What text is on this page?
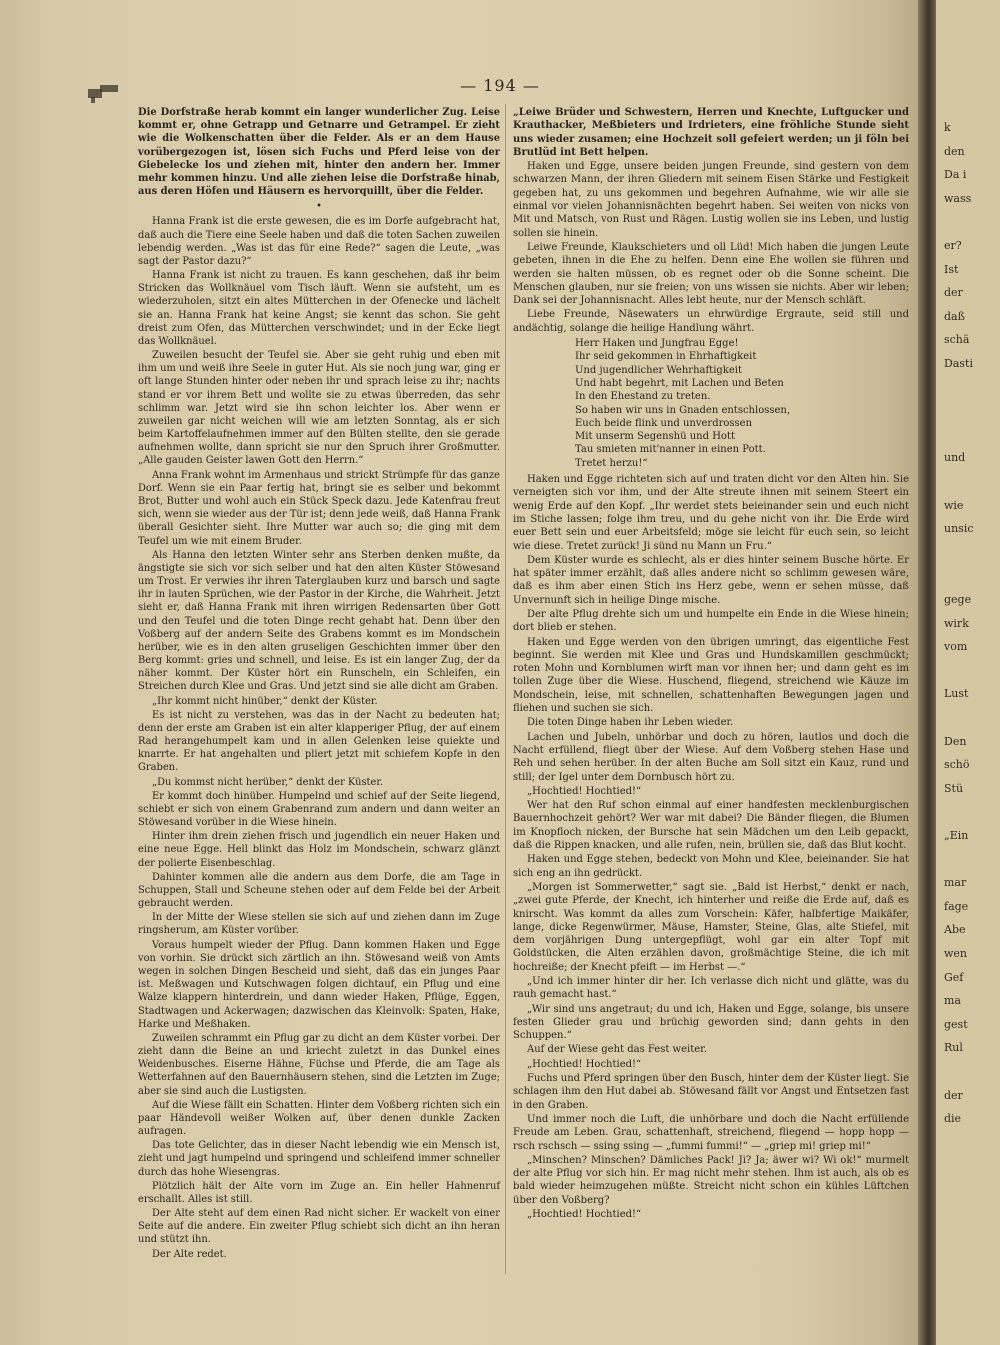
— 194 —

Die Dorfstraße herab kommt ein langer wunderlicher Zug. Leise kommt er, ohne Getrapp und Getnarre und Getrampel. Er zieht wie die Wolkenschatten über die Felder. Als er an dem Hause vorübergezogen ist, lösen sich Fuchs und Pferd leise von der Giebelecke los und ziehen mit, hinter den andern her. Immer mehr kommen hinzu. Und alle ziehen leise die Dorfstraße hinab, aus deren Höfen und Häusern es hervorquillt, über die Felder.

•

Hanna Frank ist die erste gewesen, die es im Dorfe aufgebracht hat, daß auch die Tiere eine Seele haben und daß die toten Sachen zuweilen lebendig werden. „Was ist das für eine Rede?“ sagen die Leute, „was sagt der Pastor dazu?“

Hanna Frank ist nicht zu trauen. Es kann geschehen, daß ihr beim Stricken das Wollknäuel vom Tisch läuft. Wenn sie aufsteht, um es wiederzuholen, sitzt ein altes Mütterchen in der Ofenecke und lächelt sie an. Hanna Frank hat keine Angst; sie kennt das schon. Sie geht dreist zum Ofen, das Mütterchen verschwindet; und in der Ecke liegt das Wollknäuel.

Zuweilen besucht der Teufel sie. Aber sie geht ruhig und eben mit ihm um und weiß ihre Seele in guter Hut. Als sie noch jung war, ging er oft lange Stunden hinter oder neben ihr und sprach leise zu ihr; nachts stand er vor ihrem Bett und wollte sie zu etwas überreden, das sehr schlimm war. Jetzt wird sie ihn schon leichter los. Aber wenn er zuweilen gar nicht weichen will wie am letzten Sonntag, als er sich beim Kartoffelaufnehmen immer auf den Bülten stellte, den sie gerade aufnehmen wollte, dann spricht sie nur den Spruch ihrer Großmutter. „Alle gauden Geister lawen Gott den Herrn.“

Anna Frank wohnt im Armenhaus und strickt Strümpfe für das ganze Dorf. Wenn sie ein Paar fertig hat, bringt sie es selber und bekommt Brot, Butter und wohl auch ein Stück Speck dazu. Jede Katenfrau freut sich, wenn sie wieder aus der Tür ist; denn jede weiß, daß Hanna Frank überall Gesichter sieht. Ihre Mutter war auch so; die ging mit dem Teufel um wie mit einem Bruder.

Als Hanna den letzten Winter sehr ans Sterben denken mußte, da ängstigte sie sich vor sich selber und hat den alten Küster Stöwesand um Trost. Er verwies ihr ihren Taterglauben kurz und barsch und sagte ihr in lauten Sprüchen, wie der Pastor in der Kirche, die Wahrheit. Jetzt sieht er, daß Hanna Frank mit ihren wirrigen Redensarten über Gott und den Teufel und die toten Dinge recht gehabt hat. Denn über den Voßberg auf der andern Seite des Grabens kommt es im Mondschein herüber, wie es in den alten gruseligen Geschichten immer über den Berg kommt: gries und schnell, und leise. Es ist ein langer Zug, der da näher kommt. Der Küster hört ein Runscheln, ein Schleifen, ein Streichen durch Klee und Gras. Und jetzt sind sie alle dicht am Graben.

„Ihr kommt nicht hinüber,“ denkt der Küster.

Es ist nicht zu verstehen, was das in der Nacht zu bedeuten hat; denn der erste am Graben ist ein alter klapperiger Pflug, der auf einem Rad herangehumpelt kam und in allen Gelenken leise quiekte und knarrte. Er hat angehalten und pliert jetzt mit schiefem Kopfe in den Graben.

„Du kommst nicht herüber,“ denkt der Küster.

Er kommt doch hinüber. Humpelnd und schief auf der Seite liegend, schiebt er sich von einem Grabenrand zum andern und dann weiter an Stöwesand vorüber in die Wiese hinein.

Hinter ihm drein ziehen frisch und jugendlich ein neuer Haken und eine neue Egge. Hell blinkt das Holz im Mondschein, schwarz glänzt der polierte Eisenbeschlag.

Dahinter kommen alle die andern aus dem Dorfe, die am Tage in Schuppen, Stall und Scheune stehen oder auf dem Felde bei der Arbeit gebraucht werden.

In der Mitte der Wiese stellen sie sich auf und ziehen dann im Zuge ringsherum, am Küster vorüber.

Voraus humpelt wieder der Pflug. Dann kommen Haken und Egge von vorhin. Sie drückt sich zärtlich an ihn. Stöwesand weiß von Amts wegen in solchen Dingen Bescheid und sieht, daß das ein junges Paar ist. Meßwagen und Kutschwagen folgen dichtauf, ein Pflug und eine Walze klappern hinterdrein, und dann wieder Haken, Pflüge, Eggen, Stadtwagen und Ackerwagen; dazwischen das Kleinvolk: Spaten, Hake, Harke und Meßhaken.

Zuweilen schrammt ein Pflug gar zu dicht an dem Küster vorbei. Der zieht dann die Beine an und kriecht zuletzt in das Dunkel eines Weidenbusches. Eiserne Hähne, Füchse und Pferde, die am Tage als Wetterfahnen auf den Bauernhäusern stehen, sind die Letzten im Zuge; aber sie sind auch die Lustigsten.

Auf die Wiese fällt ein Schatten. Hinter dem Voßberg richten sich ein paar Händevoll weißer Wolken auf, über denen dunkle Zacken aufragen.

Das tote Gelichter, das in dieser Nacht lebendig wie ein Mensch ist, zieht und jagt humpelnd und springend und schleifend immer schneller durch das hohe Wiesengras.

Plötzlich hält der Alte vorn im Zuge an. Ein heller Hahnenruf erschallt. Alles ist still.

Der Alte steht auf dem einen Rad nicht sicher. Er wackelt von einer Seite auf die andere. Ein zweiter Pflug schiebt sich dicht an ihn heran und stützt ihn.

Der Alte redet.

„Leiwe Brüder und Schwestern, Herren und Knechte, Luftgucker und Krauthacker, Meßbieters und Irdrieters, eine fröhliche Stunde sieht uns wieder zusamen; eine Hochzeit soll gefeiert werden; un ji föln bei Brutlüd int Bett helpen.

Haken und Egge, unsere beiden jungen Freunde, sind gestern von dem schwarzen Mann, der ihren Gliedern mit seinem Eisen Stärke und Festigkeit gegeben hat, zu uns gekommen und begehren Aufnahme, wie wir alle sie einmal vor vielen Johannisnächten begehrt haben. Sei weiten von nicks von Mit und Matsch, von Rust und Rägen. Lustig wollen sie ins Leben, und lustig sollen sie hinein.

Leiwe Freunde, Klaukschieters und oll Lüd! Mich haben die jungen Leute gebeten, ihnen in die Ehe zu helfen. Denn eine Ehe wollen sie führen und werden sie halten müssen, ob es regnet oder ob die Sonne scheint. Die Menschen glauben, nur sie freien; von uns wissen sie nichts. Aber wir leben; Dank sei der Johannisnacht. Alles lebt heute, nur der Mensch schläft.

Liebe Freunde, Näsewaters un ehrwürdige Ergraute, seid still und andächtig, solange die heilige Handlung währt.

Herr Haken und Jungfrau Egge!
Ihr seid gekommen in Ehrhaftigkeit
Und jugendlicher Wehrhaftigkeit
Und habt begehrt, mit Lachen und Beten
In den Ehestand zu treten.
So haben wir uns in Gnaden entschlossen,
Euch beide flink und unverdrossen
Mit unserm Segenshü und Hott
Tau smieten mit'nanner in einen Pott.
Tretet herzu!“

Haken und Egge richteten sich auf und traten dicht vor den Alten hin. Sie verneigten sich vor ihm, und der Alte streute ihnen mit seinem Steert ein wenig Erde auf den Kopf. „Ihr werdet stets beieinander sein und euch nicht im Stiche lassen; folge ihm treu, und du gehe nicht von ihr. Die Erde wird euer Bett sein und euer Arbeitsfeld; möge sie leicht für euch sein, so leicht wie diese. Tretet zurück! Ji sünd nu Mann un Fru.“

Dem Küster wurde es schlecht, als er dies hinter seinem Busche hörte. Er hat später immer erzählt, daß alles andere nicht so schlimm gewesen wäre, daß es ihm aber einen Stich ins Herz gebe, wenn er sehen müsse, daß Unvernunft sich in heilige Dinge mische.

Der alte Pflug drehte sich um und humpelte ein Ende in die Wiese hinein; dort blieb er stehen.

Haken und Egge werden von den übrigen umringt, das eigentliche Fest beginnt. Sie werden mit Klee und Gras und Hundskamillen geschmückt; roten Mohn und Kornblumen wirft man vor ihnen her; und dann geht es im tollen Zuge über die Wiese. Huschend, fliegend, streichend wie Käuze im Mondschein, leise, mit schnellen, schattenhaften Bewegungen jagen und fliehen und suchen sie sich.

Die toten Dinge haben ihr Leben wieder.

Lachen und Jubeln, unhörbar und doch zu hören, lautlos und doch die Nacht erfüllend, fliegt über der Wiese. Auf dem Voßberg stehen Hase und Reh und sehen herüber. In der alten Buche am Soll sitzt ein Kauz, rund und still; der Igel unter dem Dornbusch hört zu.

„Hochtied! Hochtied!“

Wer hat den Ruf schon einmal auf einer handfesten mecklenburgischen Bauernhochzeit gehört? Wer war mit dabei? Die Bänder fliegen, die Blumen im Knopfloch nicken, der Bursche hat sein Mädchen um den Leib gepackt, daß die Rippen knacken, und alle rufen, nein, brüllen sie, daß das Blut kocht.

Haken und Egge stehen, bedeckt von Mohn und Klee, beieinander. Sie hat sich eng an ihn gedrückt.

„Morgen ist Sommerwetter,“ sagt sie. „Bald ist Herbst,“ denkt er nach, „zwei gute Pferde, der Knecht, ich hinterher und reiße die Erde auf, daß es knirscht. Was kommt da alles zum Vorschein: Käfer, halbfertige Maikäfer, lange, dicke Regenwürmer, Mäuse, Hamster, Steine, Glas, alte Stiefel, mit dem vorjährigen Dung untergepflügt, wohl gar ein alter Topf mit Goldstücken, die Alten erzählen davon, großmächtige Steine, die ich mit hochreiße; der Knecht pfeift — im Herbst —.“

„Und ich immer hinter dir her. Ich verlasse dich nicht und glätte, was du rauh gemacht hast.“

„Wir sind uns angetraut; du und ich, Haken und Egge, solange, bis unsere festen Glieder grau und brüchig geworden sind; dann gehts in den Schuppen.“

Auf der Wiese geht das Fest weiter.

„Hochtied! Hochtied!“

Fuchs und Pferd springen über den Busch, hinter dem der Küster liegt. Sie schlagen ihm den Hut dabei ab. Stöwesand fällt vor Angst und Entsetzen fast in den Graben.

Und immer noch die Luft, die unhörbare und doch die Nacht erfüllende Freude am Leben. Grau, schattenhaft, streichend, fliegend — hopp hopp — rsch rschsch — ssing ssing — „fummi fummi!“ — „griep mi! griep mi!“

„Minschen? Minschen? Dämliches Pack! Ji? Ja; äwer wi? Wi ok!“ murmelt der alte Pflug vor sich hin. Er mag nicht mehr stehen. Ihm ist auch, als ob es bald wieder heimzugehen müßte. Streicht nicht schon ein kühles Lüftchen über den Voßberg?

„Hochtied! Hochtied!“

k
den
Da i
wass
er?
Ist
der
daß
schä
Dasti
und
wie
unsic
gege
wirk
vom
Lust
Den
schö
Stü
„Ein
mar
fage
Abe
wen
Gef
ma
gest
Rul
der
die
